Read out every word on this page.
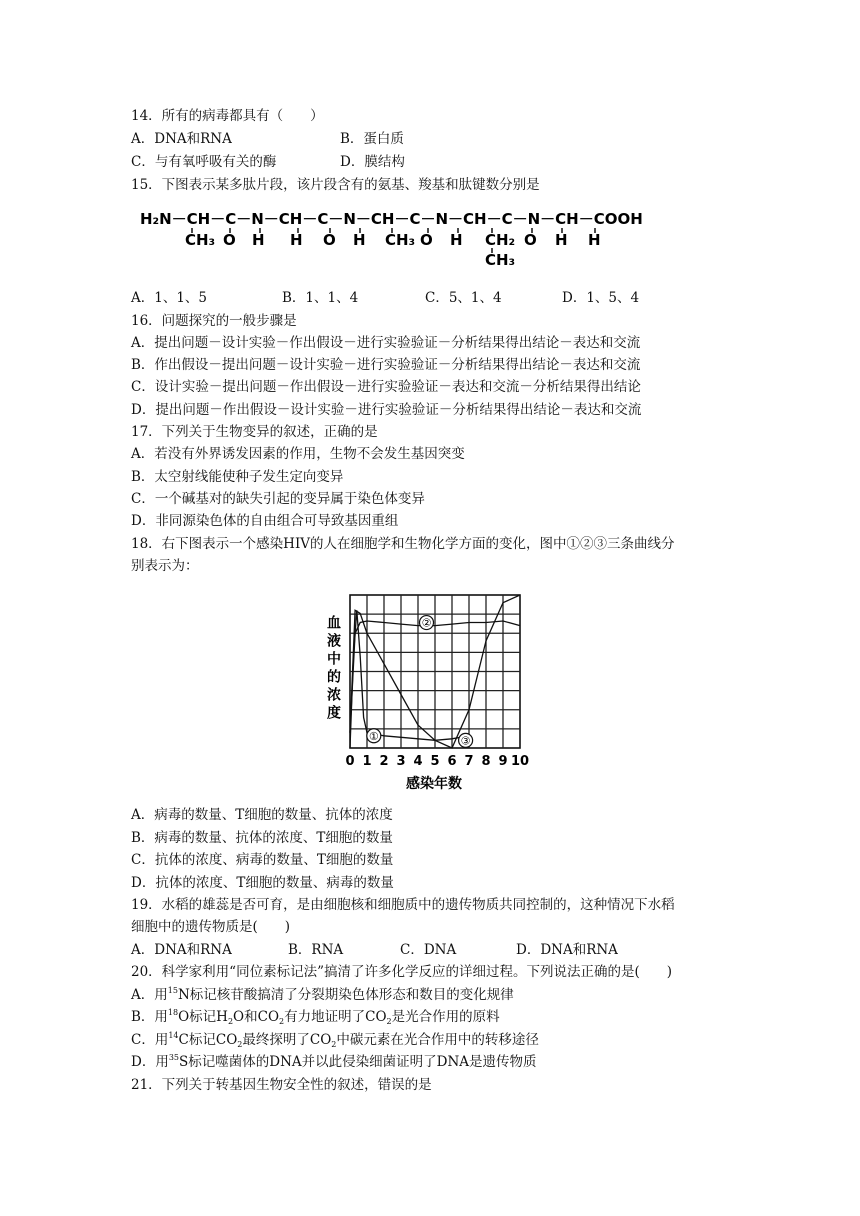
14．所有的病毒都具有（　　）
A．DNA和RNA	B．蛋白质
C．与有氧呼吸有关的酶	D．膜结构
15．下图表示某多肽片段，该片段含有的氨基、羧基和肽键数分别是
H₂N－CH－C－N－CH－C－N－CH－C－N－CH－C－N－CH－COOH
CH₃ O H H O H CH₃ O H CH₂ O H H
CH₃
A．1、1、5	B．1、1、4	C．5、1、4	D．1、5、4
16．问题探究的一般步骤是
A．提出问题－设计实验－作出假设－进行实验验证－分析结果得出结论－表达和交流
B．作出假设－提出问题－设计实验－进行实验验证－分析结果得出结论－表达和交流
C．设计实验－提出问题－作出假设－进行实验验证－表达和交流－分析结果得出结论
D．提出问题－作出假设－设计实验－进行实验验证－分析结果得出结论－表达和交流
17．下列关于生物变异的叙述，正确的是
A．若没有外界诱发因素的作用，生物不会发生基因突变
B．太空射线能使种子发生定向变异
C．一个碱基对的缺失引起的变异属于染色体变异
D．非同源染色体的自由组合可导致基因重组
18．右下图表示一个感染HIV的人在细胞学和生物化学方面的变化，图中①②③三条曲线分
别表示为：
①
②
③
0 1 2 3 4 5 6 7 8 9 10
血液中的浓度
感染年数
A．病毒的数量、T细胞的数量、抗体的浓度
B．病毒的数量、抗体的浓度、T细胞的数量
C．抗体的浓度、病毒的数量、T细胞的数量
D．抗体的浓度、T细胞的数量、病毒的数量
19．水稻的雄蕊是否可育，是由细胞核和细胞质中的遗传物质共同控制的，这种情况下水稻
细胞中的遗传物质是(　　)
A．DNA和RNA	B．RNA	C．DNA	D．DNA和RNA
20．科学家利用“同位素标记法”搞清了许多化学反应的详细过程。下列说法正确的是(　　)
A．用$^{15}$N标记核苷酸搞清了分裂期染色体形态和数目的变化规律
B．用$^{18}$O标记$H_2O$和$CO_2$有力地证明了$CO_2$是光合作用的原料
C．用$^{14}$C标记$CO_2$最终探明了$CO_2$中碳元素在光合作用中的转移途径
D．用$^{35}$S标记噬菌体的DNA并以此侵染细菌证明了DNA是遗传物质
21．下列关于转基因生物安全性的叙述，错误的是
